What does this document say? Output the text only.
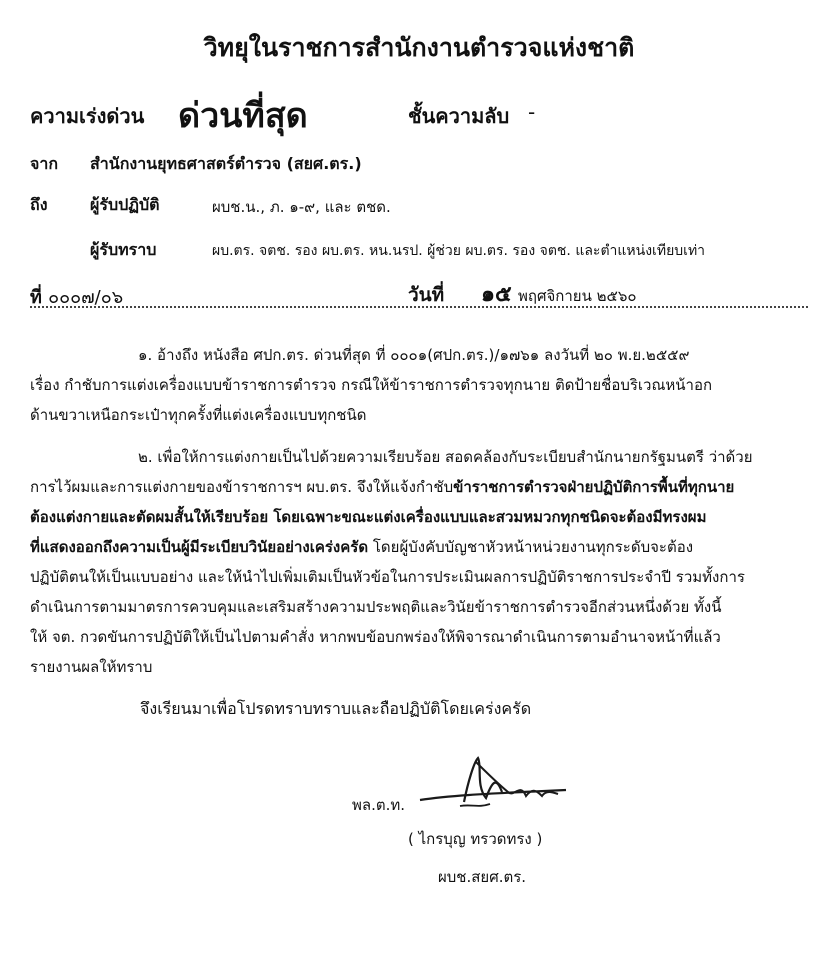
วิทยุในราชการสำนักงานตำรวจแห่งชาติ
ความเร่งด่วน ด่วนที่สุด	ชั้นความลับ -
จาก สำนักงานยุทธศาสตร์ตำรวจ (สยศ.ตร.)
ถึง	ผู้รับปฏิบัติ	ผบช.น., ภ. ๑-๙, และ ตชด.
ผู้รับทราบ	ผบ.ตร. จตช. รอง ผบ.ตร. หน.นรป. ผู้ช่วย ผบ.ตร. รอง จตช. และตำแหน่งเทียบเท่า
ที่ ๐๐๐๗/๐๖	วันที่ ๑๕ พฤศจิกายน ๒๕๖๐
๑. อ้างถึง หนังสือ ศปก.ตร. ด่วนที่สุด ที่ ๐๐๐๑(ศปก.ตร.)/๑๗๖๑ ลงวันที่ ๒๐ พ.ย.๒๕๕๙
เรื่อง กำชับการแต่งเครื่องแบบข้าราชการตำรวจ กรณีให้ข้าราชการตำรวจทุกนาย ติดป้ายชื่อบริเวณหน้าอก
ด้านขวาเหนือกระเป๋าทุกครั้งที่แต่งเครื่องแบบทุกชนิด
๒. เพื่อให้การแต่งกายเป็นไปด้วยความเรียบร้อย สอดคล้องกับระเบียบสำนักนายกรัฐมนตรี ว่าด้วย
การไว้ผมและการแต่งกายของข้าราชการฯ ผบ.ตร. จึงให้แจ้งกำชับข้าราชการตำรวจฝ่ายปฏิบัติการพื้นที่ทุกนาย
ต้องแต่งกายและตัดผมสั้นให้เรียบร้อย โดยเฉพาะขณะแต่งเครื่องแบบและสวมหมวกทุกชนิดจะต้องมีทรงผม
ที่แสดงออกถึงความเป็นผู้มีระเบียบวินัยอย่างเคร่งครัด โดยผู้บังคับบัญชาหัวหน้าหน่วยงานทุกระดับจะต้อง
ปฏิบัติตนให้เป็นแบบอย่าง และให้นำไปเพิ่มเติมเป็นหัวข้อในการประเมินผลการปฏิบัติราชการประจำปี รวมทั้งการ
ดำเนินการตามมาตรการควบคุมและเสริมสร้างความประพฤติและวินัยข้าราชการตำรวจอีกส่วนหนึ่งด้วย ทั้งนี้
ให้ จต. กวดขันการปฏิบัติให้เป็นไปตามคำสั่ง หากพบข้อบกพร่องให้พิจารณาดำเนินการตามอำนาจหน้าที่แล้ว
รายงานผลให้ทราบ
จึงเรียนมาเพื่อโปรดทราบทราบและถือปฏิบัติโดยเคร่งครัด
พล.ต.ท.
( ไกรบุญ ทรวดทรง )
ผบช.สยศ.ตร.
